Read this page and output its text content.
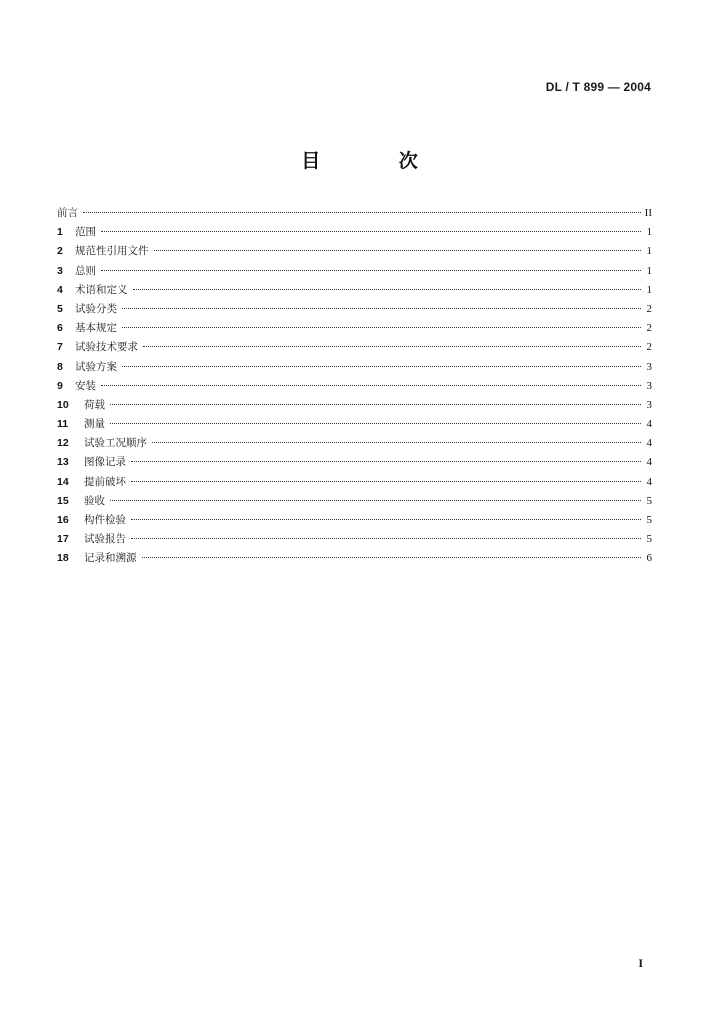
DL / T 899 — 2004
目 次
前言	II
1	范围	1
2	规范性引用文件	1
3	总则	1
4	术语和定义	1
5	试验分类	2
6	基本规定	2
7	试验技术要求	2
8	试验方案	3
9	安装	3
10	荷载	3
11	测量	4
12	试验工况顺序	4
13	图像记录	4
14	提前破坏	4
15	验收	5
16	构件检验	5
17	试验报告	5
18	记录和溯源	6
I
